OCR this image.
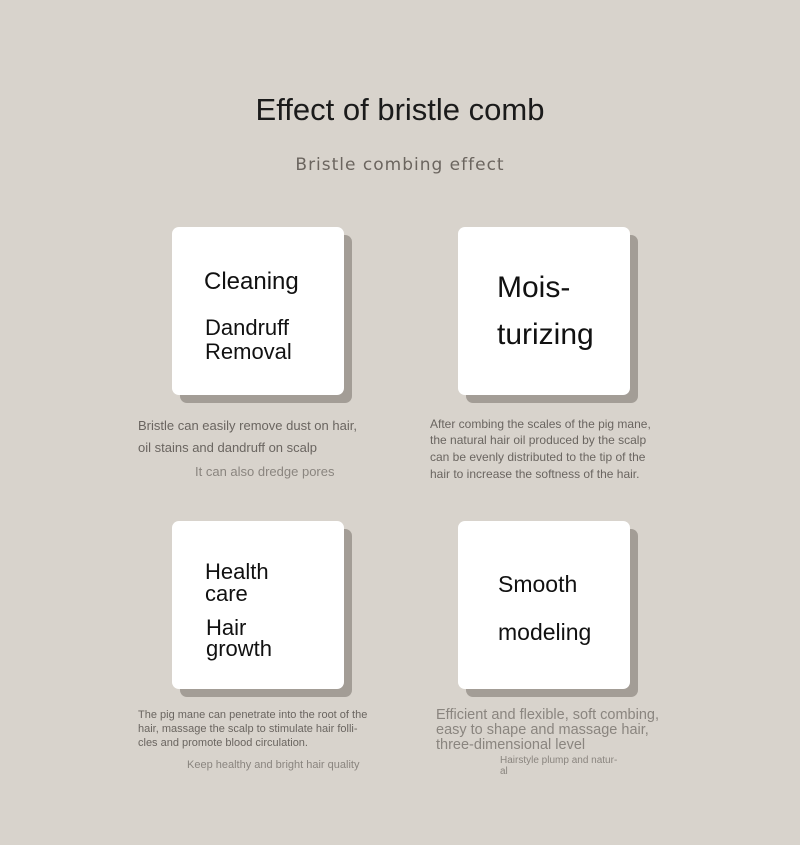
Effect of bristle comb
Bristle combing effect
Cleaning
Dandruff
Removal
Bristle can easily remove dust on hair,
oil stains and dandruff on scalp
It can also dredge pores
Mois-
turizing
After combing the scales of the pig mane,
the natural hair oil produced by the scalp
can be evenly distributed to the tip of the
hair to increase the softness of the hair.
Health
care
Hair
growth
The pig mane can penetrate into the root of the
hair, massage the scalp to stimulate hair folli-
cles and promote blood circulation.
Keep healthy and bright hair quality
Smooth
modeling
Efficient and flexible, soft combing,
easy to shape and massage hair,
three-dimensional level
Hairstyle plump and natur-
al
